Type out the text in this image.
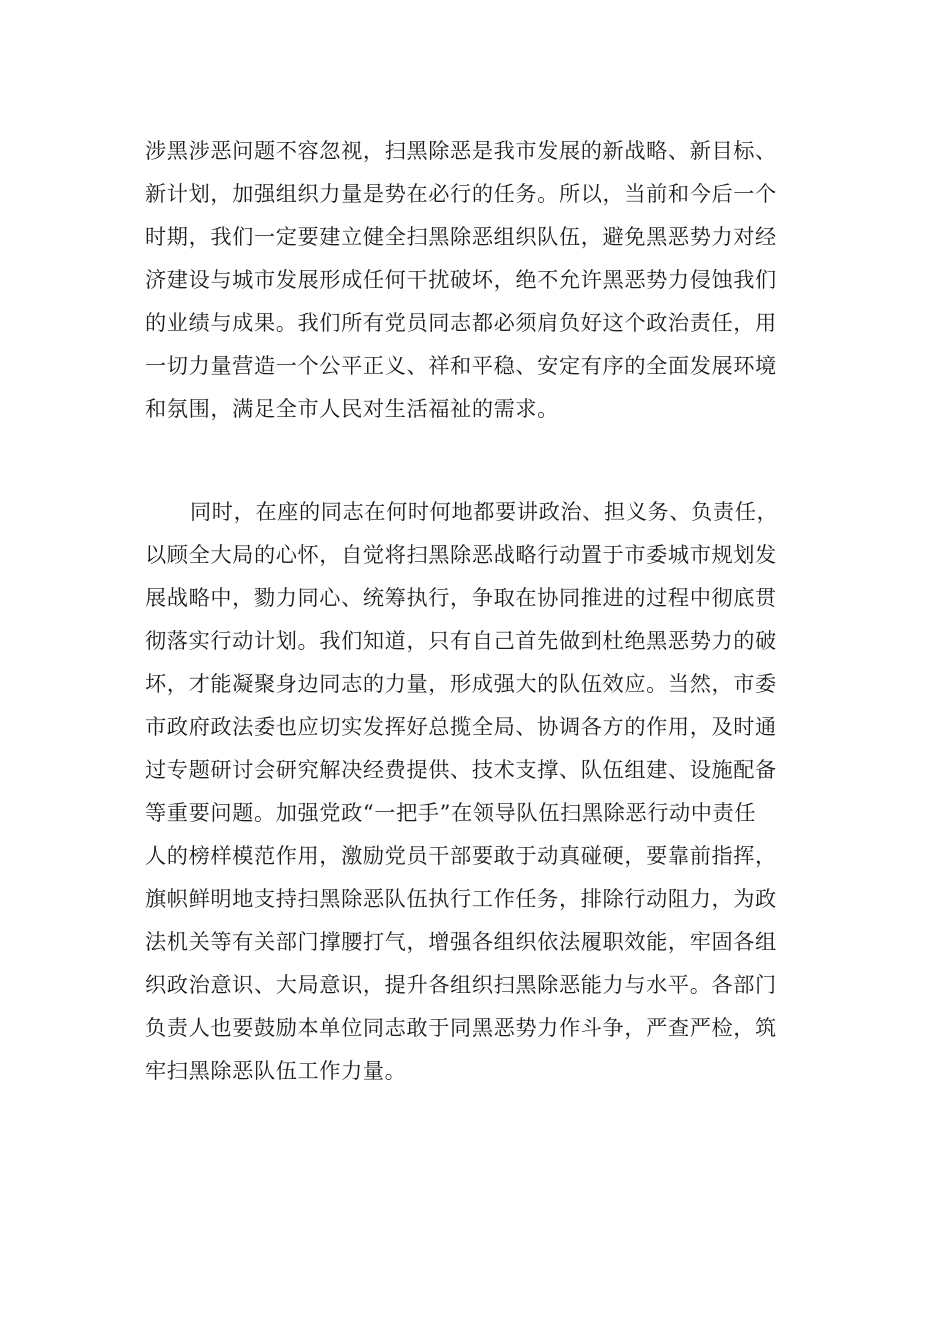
涉黑涉恶问题不容忽视，扫黑除恶是我市发展的新战略、新目标、
新计划，加强组织力量是势在必行的任务。所以，当前和今后一个
时期，我们一定要建立健全扫黑除恶组织队伍，避免黑恶势力对经
济建设与城市发展形成任何干扰破坏，绝不允许黑恶势力侵蚀我们
的业绩与成果。我们所有党员同志都必须肩负好这个政治责任，用
一切力量营造一个公平正义、祥和平稳、安定有序的全面发展环境
和氛围，满足全市人民对生活福祉的需求。
同时，在座的同志在何时何地都要讲政治、担义务、负责任，
以顾全大局的心怀，自觉将扫黑除恶战略行动置于市委城市规划发
展战略中，勠力同心、统筹执行，争取在协同推进的过程中彻底贯
彻落实行动计划。我们知道，只有自己首先做到杜绝黑恶势力的破
坏，才能凝聚身边同志的力量，形成强大的队伍效应。当然，市委
市政府政法委也应切实发挥好总揽全局、协调各方的作用，及时通
过专题研讨会研究解决经费提供、技术支撑、队伍组建、设施配备
等重要问题。加强党政“一把手”在领导队伍扫黑除恶行动中责任
人的榜样模范作用，激励党员干部要敢于动真碰硬，要靠前指挥，
旗帜鲜明地支持扫黑除恶队伍执行工作任务，排除行动阻力，为政
法机关等有关部门撑腰打气，增强各组织依法履职效能，牢固各组
织政治意识、大局意识，提升各组织扫黑除恶能力与水平。各部门
负责人也要鼓励本单位同志敢于同黑恶势力作斗争，严查严检，筑
牢扫黑除恶队伍工作力量。
